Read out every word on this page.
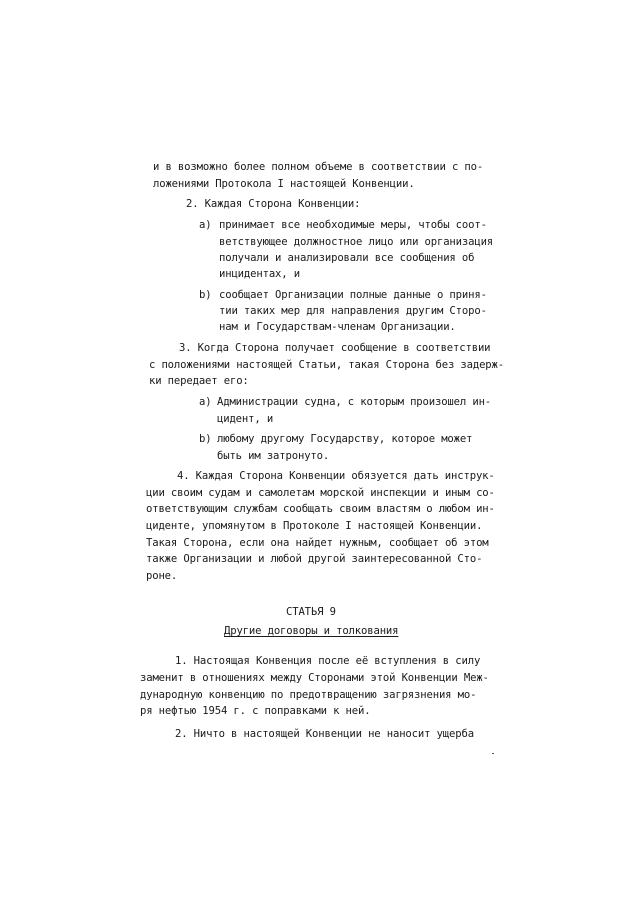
и в возможно более полном объеме в соответствии с по-
ложениями Протокола I настоящей Конвенции.
2. Каждая Сторона Конвенции:
a) принимает все необходимые меры, чтобы соот-
ветствующее должностное лицо или организация
получали и анализировали все сообщения об
инцидентах, и
b) сообщает Организации полные данные о приня-
тии таких мер для направления другим Сторо-
нам и Государствам-членам Организации.
3. Когда Сторона получает сообщение в соответствии
с положениями настоящей Статьи, такая Сторона без задерж-
ки передает его:
a) Администрации судна, с которым произошел ин-
цидент, и
b) любому другому Государству, которое может
быть им затронуто.
4. Каждая Сторона Конвенции обязуется дать инструк-
ции своим судам и самолетам морской инспекции и иным со-
ответствующим службам сообщать своим властям о любом ин-
циденте, упомянутом в Протоколе I настоящей Конвенции.
Такая Сторона, если она найдет нужным, сообщает об этом
также Организации и любой другой заинтересованной Сто-
роне.
СТАТЬЯ 9
Другие договоры и толкования
1. Настоящая Конвенция после её вступления в силу
заменит в отношениях между Сторонами этой Конвенции Меж-
дународную конвенцию по предотвращению загрязнения мо-
ря нефтью 1954 г. с поправками к ней.
2. Ничто в настоящей Конвенции не наносит ущерба
